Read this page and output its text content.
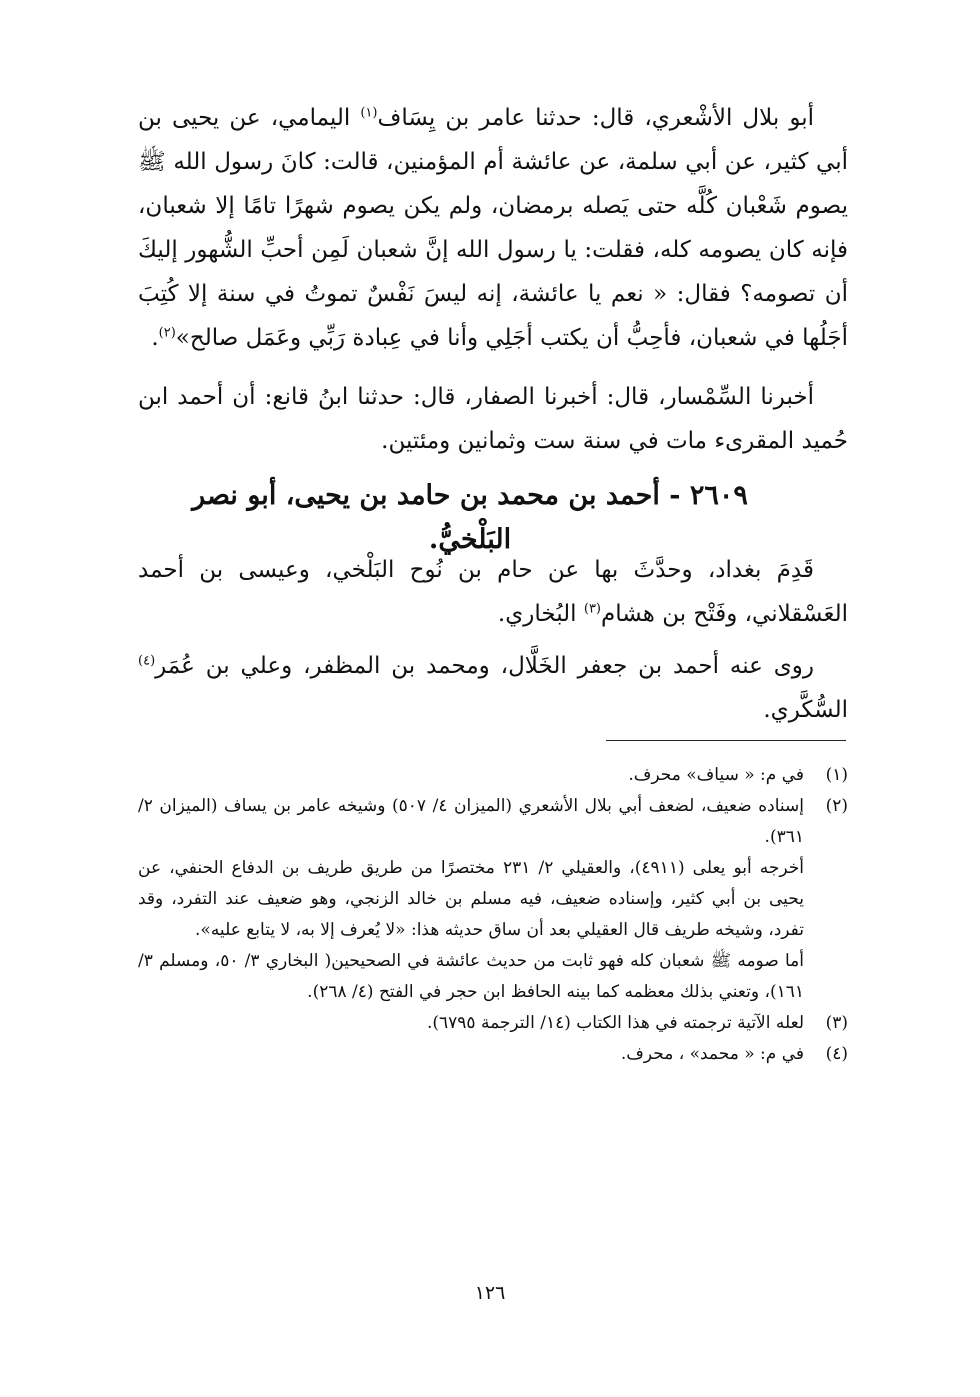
أبو بلال الأشْعري، قال: حدثنا عامر بن يِسَاف$^{(١)}$ اليمامي، عن يحيى بن أبي كثير، عن أبي سلمة، عن عائشة أم المؤمنين، قالت: كانَ رسول الله ﷺ يصوم شَعْبان كُلَّه حتى يَصله برمضان، ولم يكن يصوم شهرًا تامًا إلا شعبان، فإنه كان يصومه كله، فقلت: يا رسول الله إنَّ شعبان لَمِن أحبِّ الشُّهور إليكَ أن تصومه؟ فقال: « نعم يا عائشة، إنه ليسَ نَفْسٌ تموتُ في سنة إلا كُتِبَ أجَلُها في شعبان، فأحِبُّ أن يكتب أجَلِي وأنا في عِبادة رَبِّي وعَمَل صالح»$^{(٢)}$.

أخبرنا السِّمْسار، قال: أخبرنا الصفار، قال: حدثنا ابنُ قانع: أن أحمد ابن حُميد المقرىء مات في سنة ست وثمانين ومئتين.

٢٦٠٩ - أحمد بن محمد بن حامد بن يحيى، أبو نصر البَلْخيُّ.

قَدِمَ بغداد، وحدَّثَ بها عن حام بن نُوح البَلْخي، وعيسى بن أحمد العَسْقلاني، وفَتْح بن هشام$^{(٣)}$ البُخاري.

روى عنه أحمد بن جعفر الخَلَّال، ومحمد بن المظفر، وعلي بن عُمَر$^{(٤)}$ السُّكَّري.

(١)
في م: « سياف» محرف.
(٢)
إسناده ضعيف، لضعف أبي بلال الأشعري (الميزان ٤/ ٥٠٧) وشيخه عامر بن يساف (الميزان ٢/ ٣٦١).
أخرجه أبو يعلى (٤٩١١)، والعقيلي ٢/ ٢٣١ مختصرًا من طريق طريف بن الدفاع الحنفي، عن يحيى بن أبي كثير، وإسناده ضعيف، فيه مسلم بن خالد الزنجي، وهو ضعيف عند التفرد، وقد تفرد، وشيخه طريف قال العقيلي بعد أن ساق حديثه هذا: «لا يُعرف إلا به، لا يتابع عليه».
أما صومه ﷺ شعبان كله فهو ثابت من حديث عائشة في الصحيحين( البخاري ٣/ ٥٠، ومسلم ٣/ ١٦١)، وتعني بذلك معظمه كما بينه الحافظ ابن حجر في الفتح (٤/ ٢٦٨).
(٣)
لعله الآتية ترجمته في هذا الكتاب (١٤/ الترجمة ٦٧٩٥).
(٤)
في م: « محمد» ، محرف.
١٢٦
